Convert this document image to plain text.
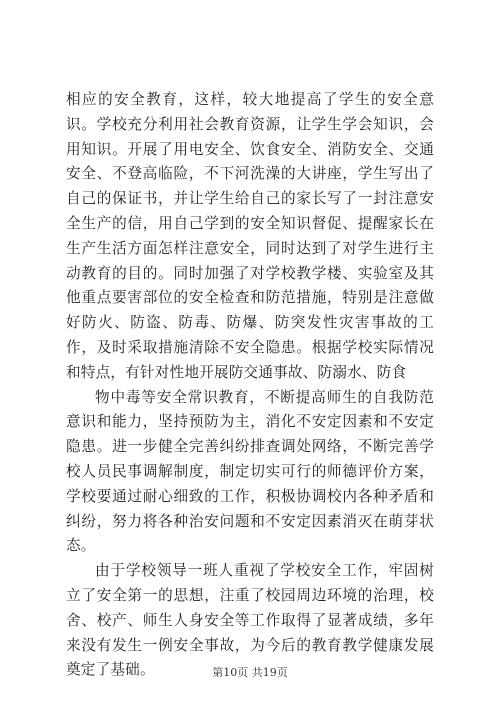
相应的安全教育，这样，较大地提高了学生的安全意识。学校充分利用社会教育资源，让学生学会知识，会用知识。开展了用电安全、饮食安全、消防安全、交通安全、不登高临险，不下河洗澡的大讲座，学生写出了自己的保证书，并让学生给自己的家长写了一封注意安全生产的信，用自己学到的安全知识督促、提醒家长在生产生活方面怎样注意安全，同时达到了对学生进行主动教育的目的。同时加强了对学校教学楼、实验室及其他重点要害部位的安全检查和防范措施，特别是注意做好防火、防盗、防毒、防爆、防突发性灾害事故的工作，及时采取措施清除不安全隐患。根据学校实际情况和特点，有针对性地开展防交通事故、防溺水、防食

物中毒等安全常识教育，不断提高师生的自我防范意识和能力，坚持预防为主，消化不安定因素和不安定隐患。进一步健全完善纠纷排查调处网络，不断完善学校人员民事调解制度，制定切实可行的师德评价方案，学校要通过耐心细致的工作，积极协调校内各种矛盾和纠纷，努力将各种治安问题和不安定因素消灭在萌芽状态。

由于学校领导一班人重视了学校安全工作，牢固树立了安全第一的思想，注重了校园周边环境的治理，校舍、校产、师生人身安全等工作取得了显著成绩，多年来没有发生一例安全事故，为今后的教育教学健康发展奠定了基础。	第10页 共19页
